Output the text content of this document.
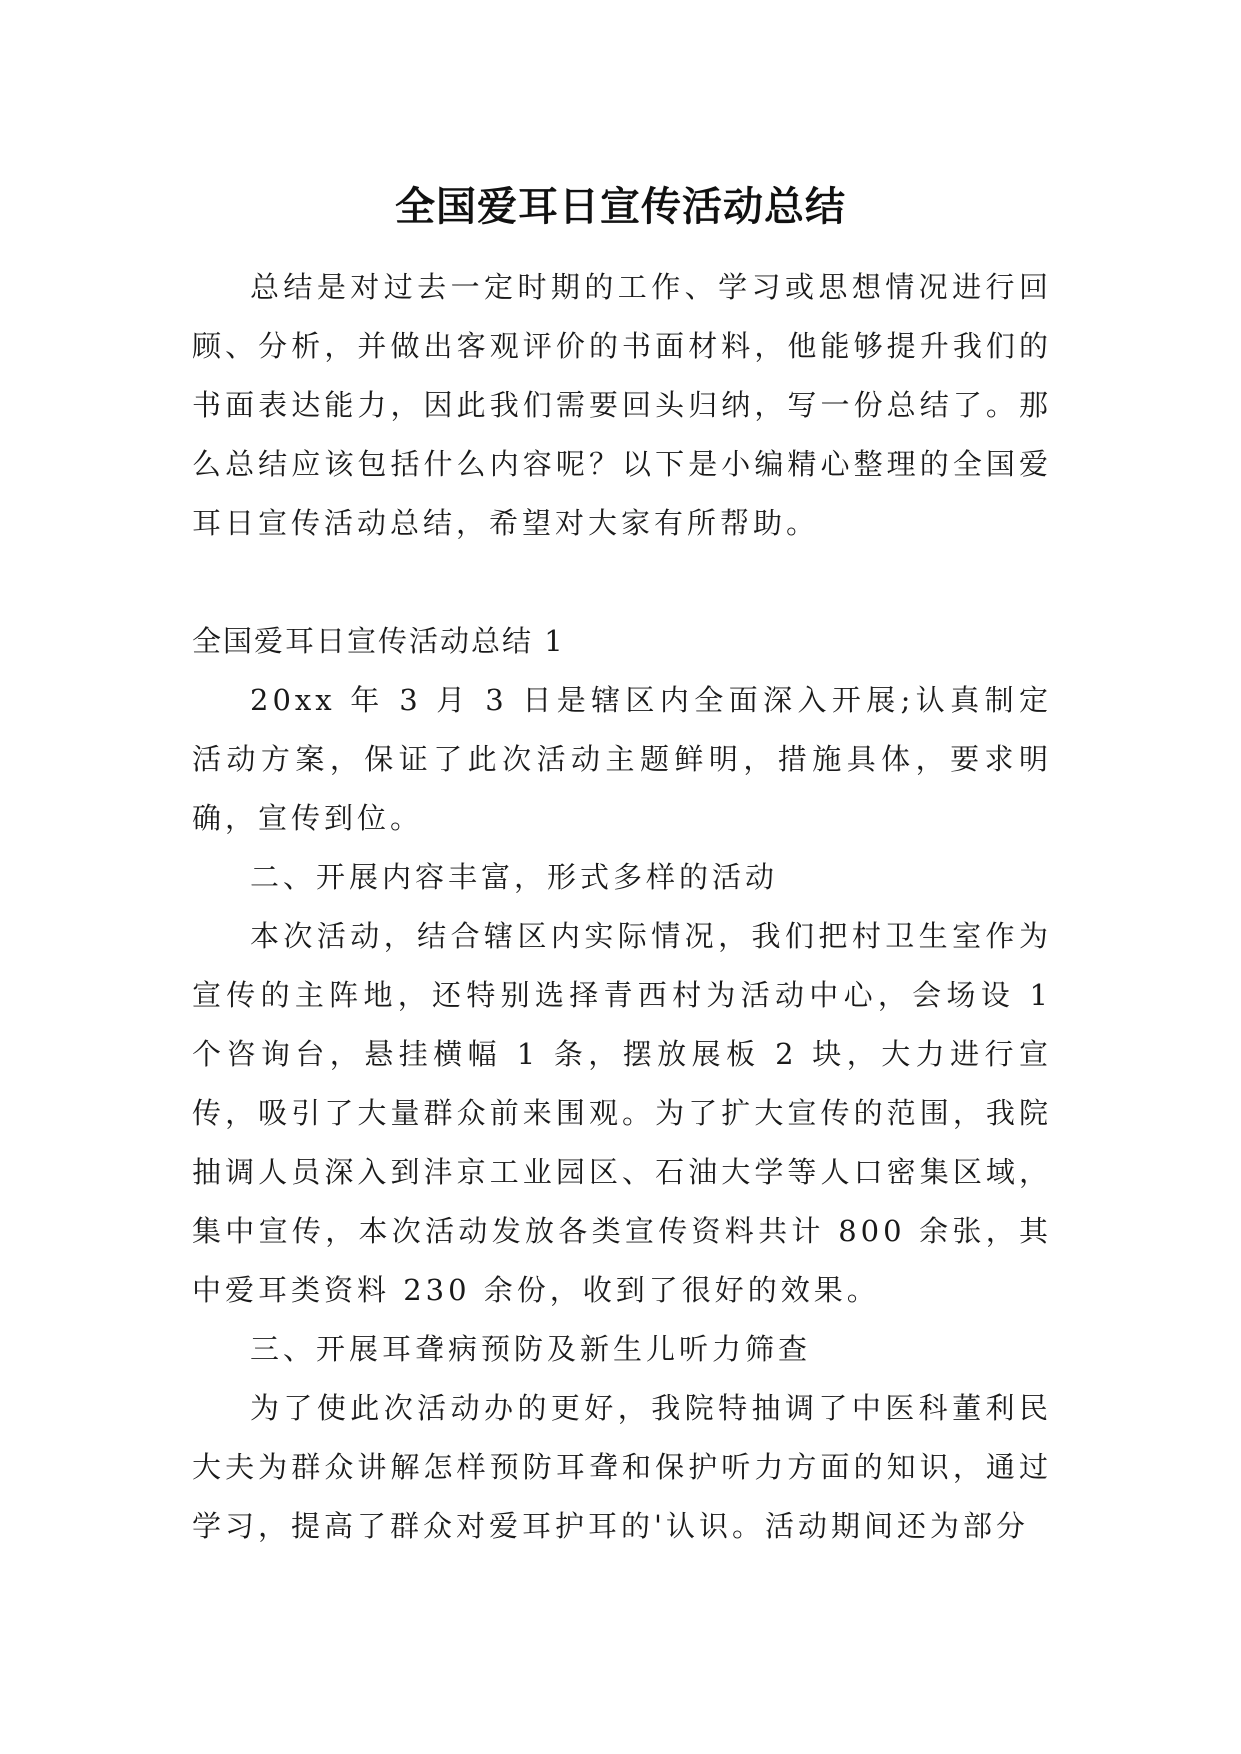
全国爱耳日宣传活动总结

总结是对过去一定时期的工作、学习或思想情况进行回顾、分析，并做出客观评价的书面材料，他能够提升我们的书面表达能力，因此我们需要回头归纳，写一份总结了。那么总结应该包括什么内容呢？以下是小编精心整理的全国爱耳日宣传活动总结，希望对大家有所帮助。

全国爱耳日宣传活动总结 1

20xx 年 3 月 3 日是辖区内全面深入开展;认真制定活动方案，保证了此次活动主题鲜明，措施具体，要求明确，宣传到位。

二、开展内容丰富，形式多样的活动

本次活动，结合辖区内实际情况，我们把村卫生室作为宣传的主阵地，还特别选择青西村为活动中心，会场设 1 个咨询台，悬挂横幅 1 条，摆放展板 2 块，大力进行宣传，吸引了大量群众前来围观。为了扩大宣传的范围，我院抽调人员深入到沣京工业园区、石油大学等人口密集区域，集中宣传，本次活动发放各类宣传资料共计 800 余张，其中爱耳类资料 230 余份，收到了很好的效果。

三、开展耳聋病预防及新生儿听力筛查

为了使此次活动办的更好，我院特抽调了中医科董利民大夫为群众讲解怎样预防耳聋和保护听力方面的知识，通过学习，提高了群众对爱耳护耳的'认识。活动期间还为部分
